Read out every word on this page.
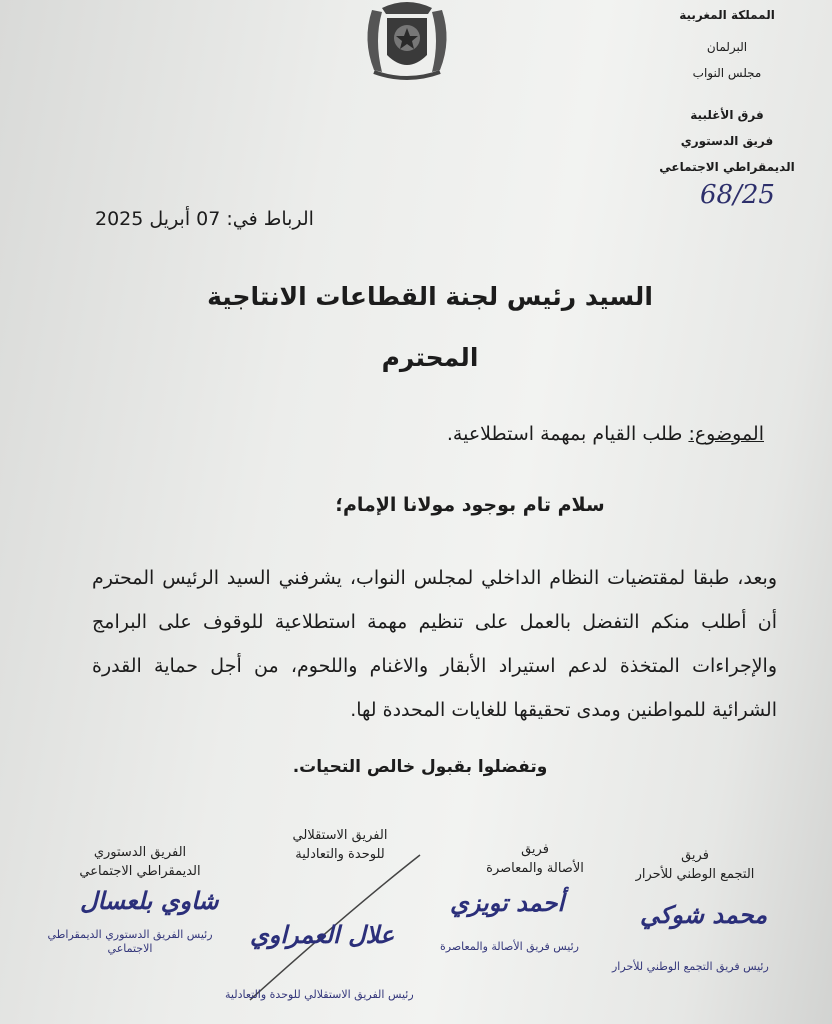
المملكة المغربية
البرلمان
مجلس النواب
فرق الأغلبية
فريق الدستوري
الديمقراطي الاجتماعي
68/25
الرباط في: 07 أبريل 2025
السيد رئيس لجنة القطاعات الانتاجية
المحترم
الموضوع: طلب القيام بمهمة استطلاعية.
سلام تام بوجود مولانا الإمام؛
وبعد، طبقا لمقتضيات النظام الداخلي لمجلس النواب، يشرفني السيد الرئيس المحترم أن أطلب منكم التفضل بالعمل على تنظيم مهمة استطلاعية للوقوف على البرامج والإجراءات المتخذة لدعم استيراد الأبقار والاغنام واللحوم، من أجل حماية القدرة الشرائية للمواطنين ومدى تحقيقها للغايات المحددة لها.
وتفضلوا بقبول خالص التحيات.
فريق
التجمع الوطني للأحرار
محمد شوكي
رئيس فريق التجمع الوطني للأحرار
فريق
الأصالة والمعاصرة
أحمد تويزي
رئيس فريق الأصالة والمعاصرة
الفريق الاستقلالي
للوحدة والتعادلية
علال العمراوي
رئيس الفريق الاستقلالي للوحدة والتعادلية
الفريق الدستوري
الديمقراطي الاجتماعي
شاوي بلعسال
رئيس الفريق الدستوري الديمقراطي الاجتماعي
